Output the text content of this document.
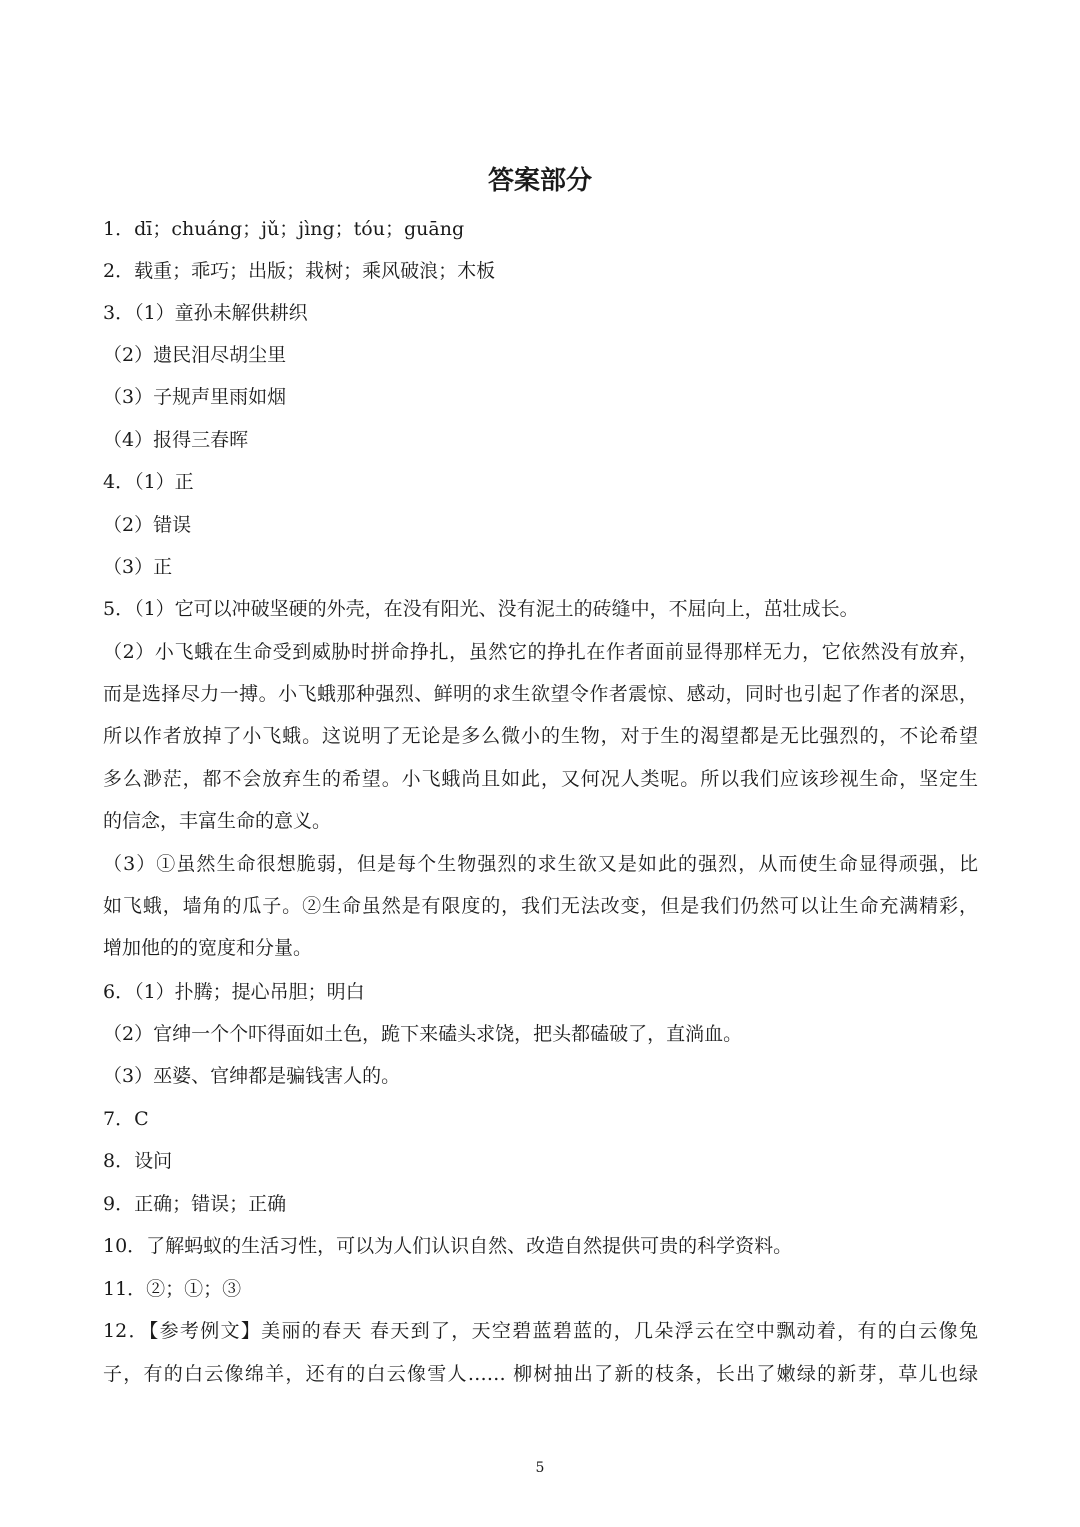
答案部分
1．dī；chuáng；jǔ；jìng；tóu；guāng
2．载重；乖巧；出版；栽树；乘风破浪；木板
3．（1）童孙未解供耕织
（2）遗民泪尽胡尘里
（3）子规声里雨如烟
（4）报得三春晖
4．（1）正
（2）错误
（3）正
5．（1）它可以冲破坚硬的外壳，在没有阳光、没有泥土的砖缝中，不屈向上，茁壮成长。
（2）小飞蛾在生命受到威胁时拼命挣扎，虽然它的挣扎在作者面前显得那样无力，它依然没有放弃，
而是选择尽力一搏。小飞蛾那种强烈、鲜明的求生欲望令作者震惊、感动，同时也引起了作者的深思，
所以作者放掉了小飞蛾。这说明了无论是多么微小的生物，对于生的渴望都是无比强烈的，不论希望
多么渺茫，都不会放弃生的希望。小飞蛾尚且如此，又何况人类呢。所以我们应该珍视生命，坚定生
的信念，丰富生命的意义。
（3）①虽然生命很想脆弱，但是每个生物强烈的求生欲又是如此的强烈，从而使生命显得顽强，比
如飞蛾，墙角的瓜子。②生命虽然是有限度的，我们无法改变，但是我们仍然可以让生命充满精彩，
增加他的的宽度和分量。
6．（1）扑腾；提心吊胆；明白
（2）官绅一个个吓得面如土色，跪下来磕头求饶，把头都磕破了，直淌血。
（3）巫婆、官绅都是骗钱害人的。
7．C
8．设问
9．正确；错误；正确
10．了解蚂蚁的生活习性，可以为人们认识自然、改造自然提供可贵的科学资料。
11．②；①；③
12．【参考例文】美丽的春天 春天到了，天空碧蓝碧蓝的，几朵浮云在空中飘动着，有的白云像兔
子，有的白云像绵羊，还有的白云像雪人…… 柳树抽出了新的枝条，长出了嫩绿的新芽，草儿也绿
5
